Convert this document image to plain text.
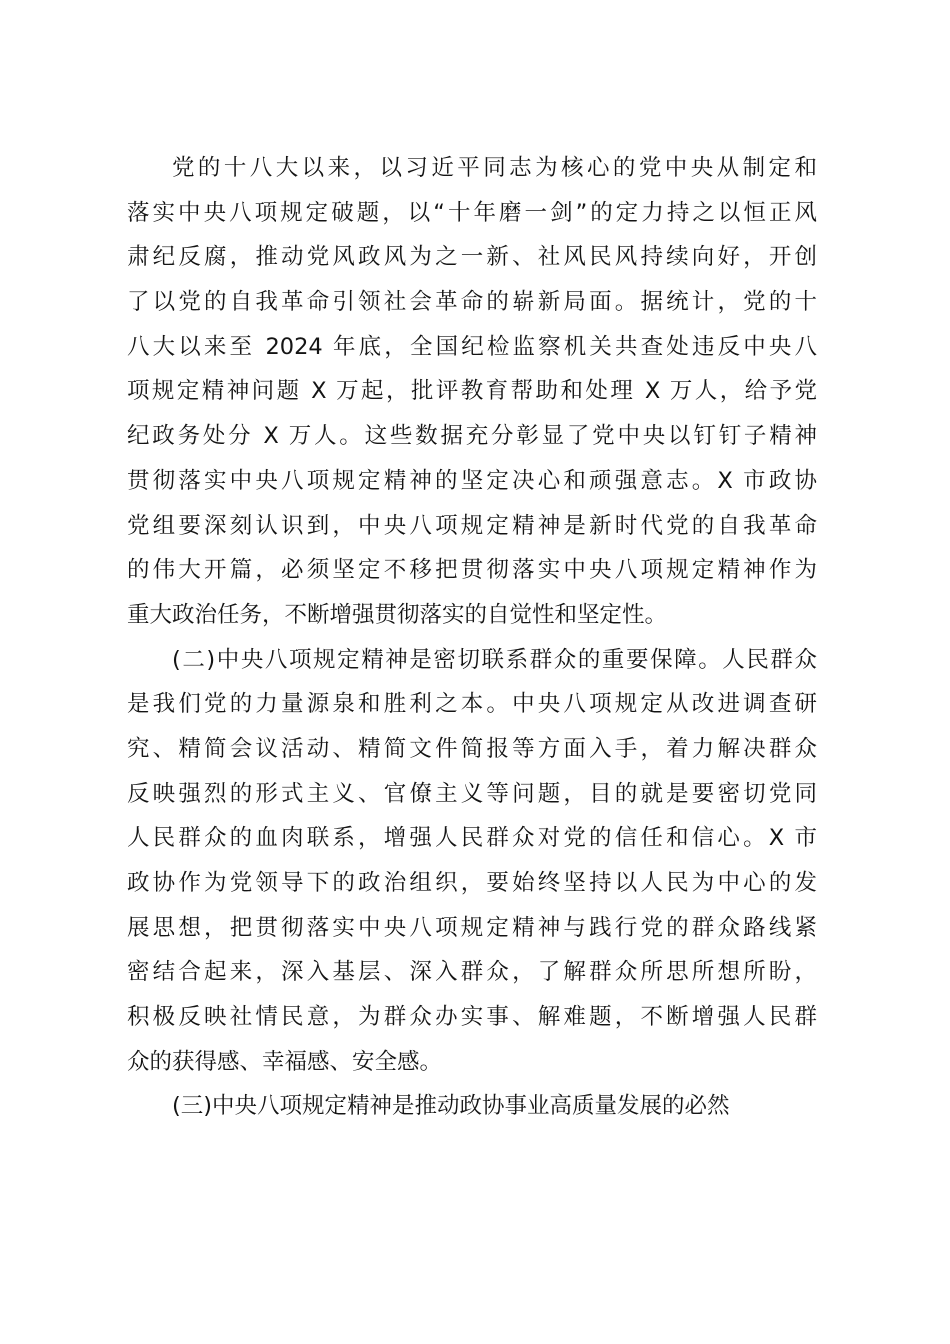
党的十八大以来，以习近平同志为核心的党中央从制定和
落实中央八项规定破题，以“十年磨一剑”的定力持之以恒正风
肃纪反腐，推动党风政风为之一新、社风民风持续向好，开创
了以党的自我革命引领社会革命的崭新局面。据统计，党的十
八大以来至 2024 年底，全国纪检监察机关共查处违反中央八
项规定精神问题 X 万起，批评教育帮助和处理 X 万人，给予党
纪政务处分 X 万人。这些数据充分彰显了党中央以钉钉子精神
贯彻落实中央八项规定精神的坚定决心和顽强意志。X 市政协
党组要深刻认识到，中央八项规定精神是新时代党的自我革命
的伟大开篇，必须坚定不移把贯彻落实中央八项规定精神作为
重大政治任务，不断增强贯彻落实的自觉性和坚定性。
(二)中央八项规定精神是密切联系群众的重要保障。人民群众
是我们党的力量源泉和胜利之本。中央八项规定从改进调查研
究、精简会议活动、精简文件简报等方面入手，着力解决群众
反映强烈的形式主义、官僚主义等问题，目的就是要密切党同
人民群众的血肉联系，增强人民群众对党的信任和信心。X 市
政协作为党领导下的政治组织，要始终坚持以人民为中心的发
展思想，把贯彻落实中央八项规定精神与践行党的群众路线紧
密结合起来，深入基层、深入群众，了解群众所思所想所盼，
积极反映社情民意，为群众办实事、解难题，不断增强人民群
众的获得感、幸福感、安全感。
(三)中央八项规定精神是推动政协事业高质量发展的必然
